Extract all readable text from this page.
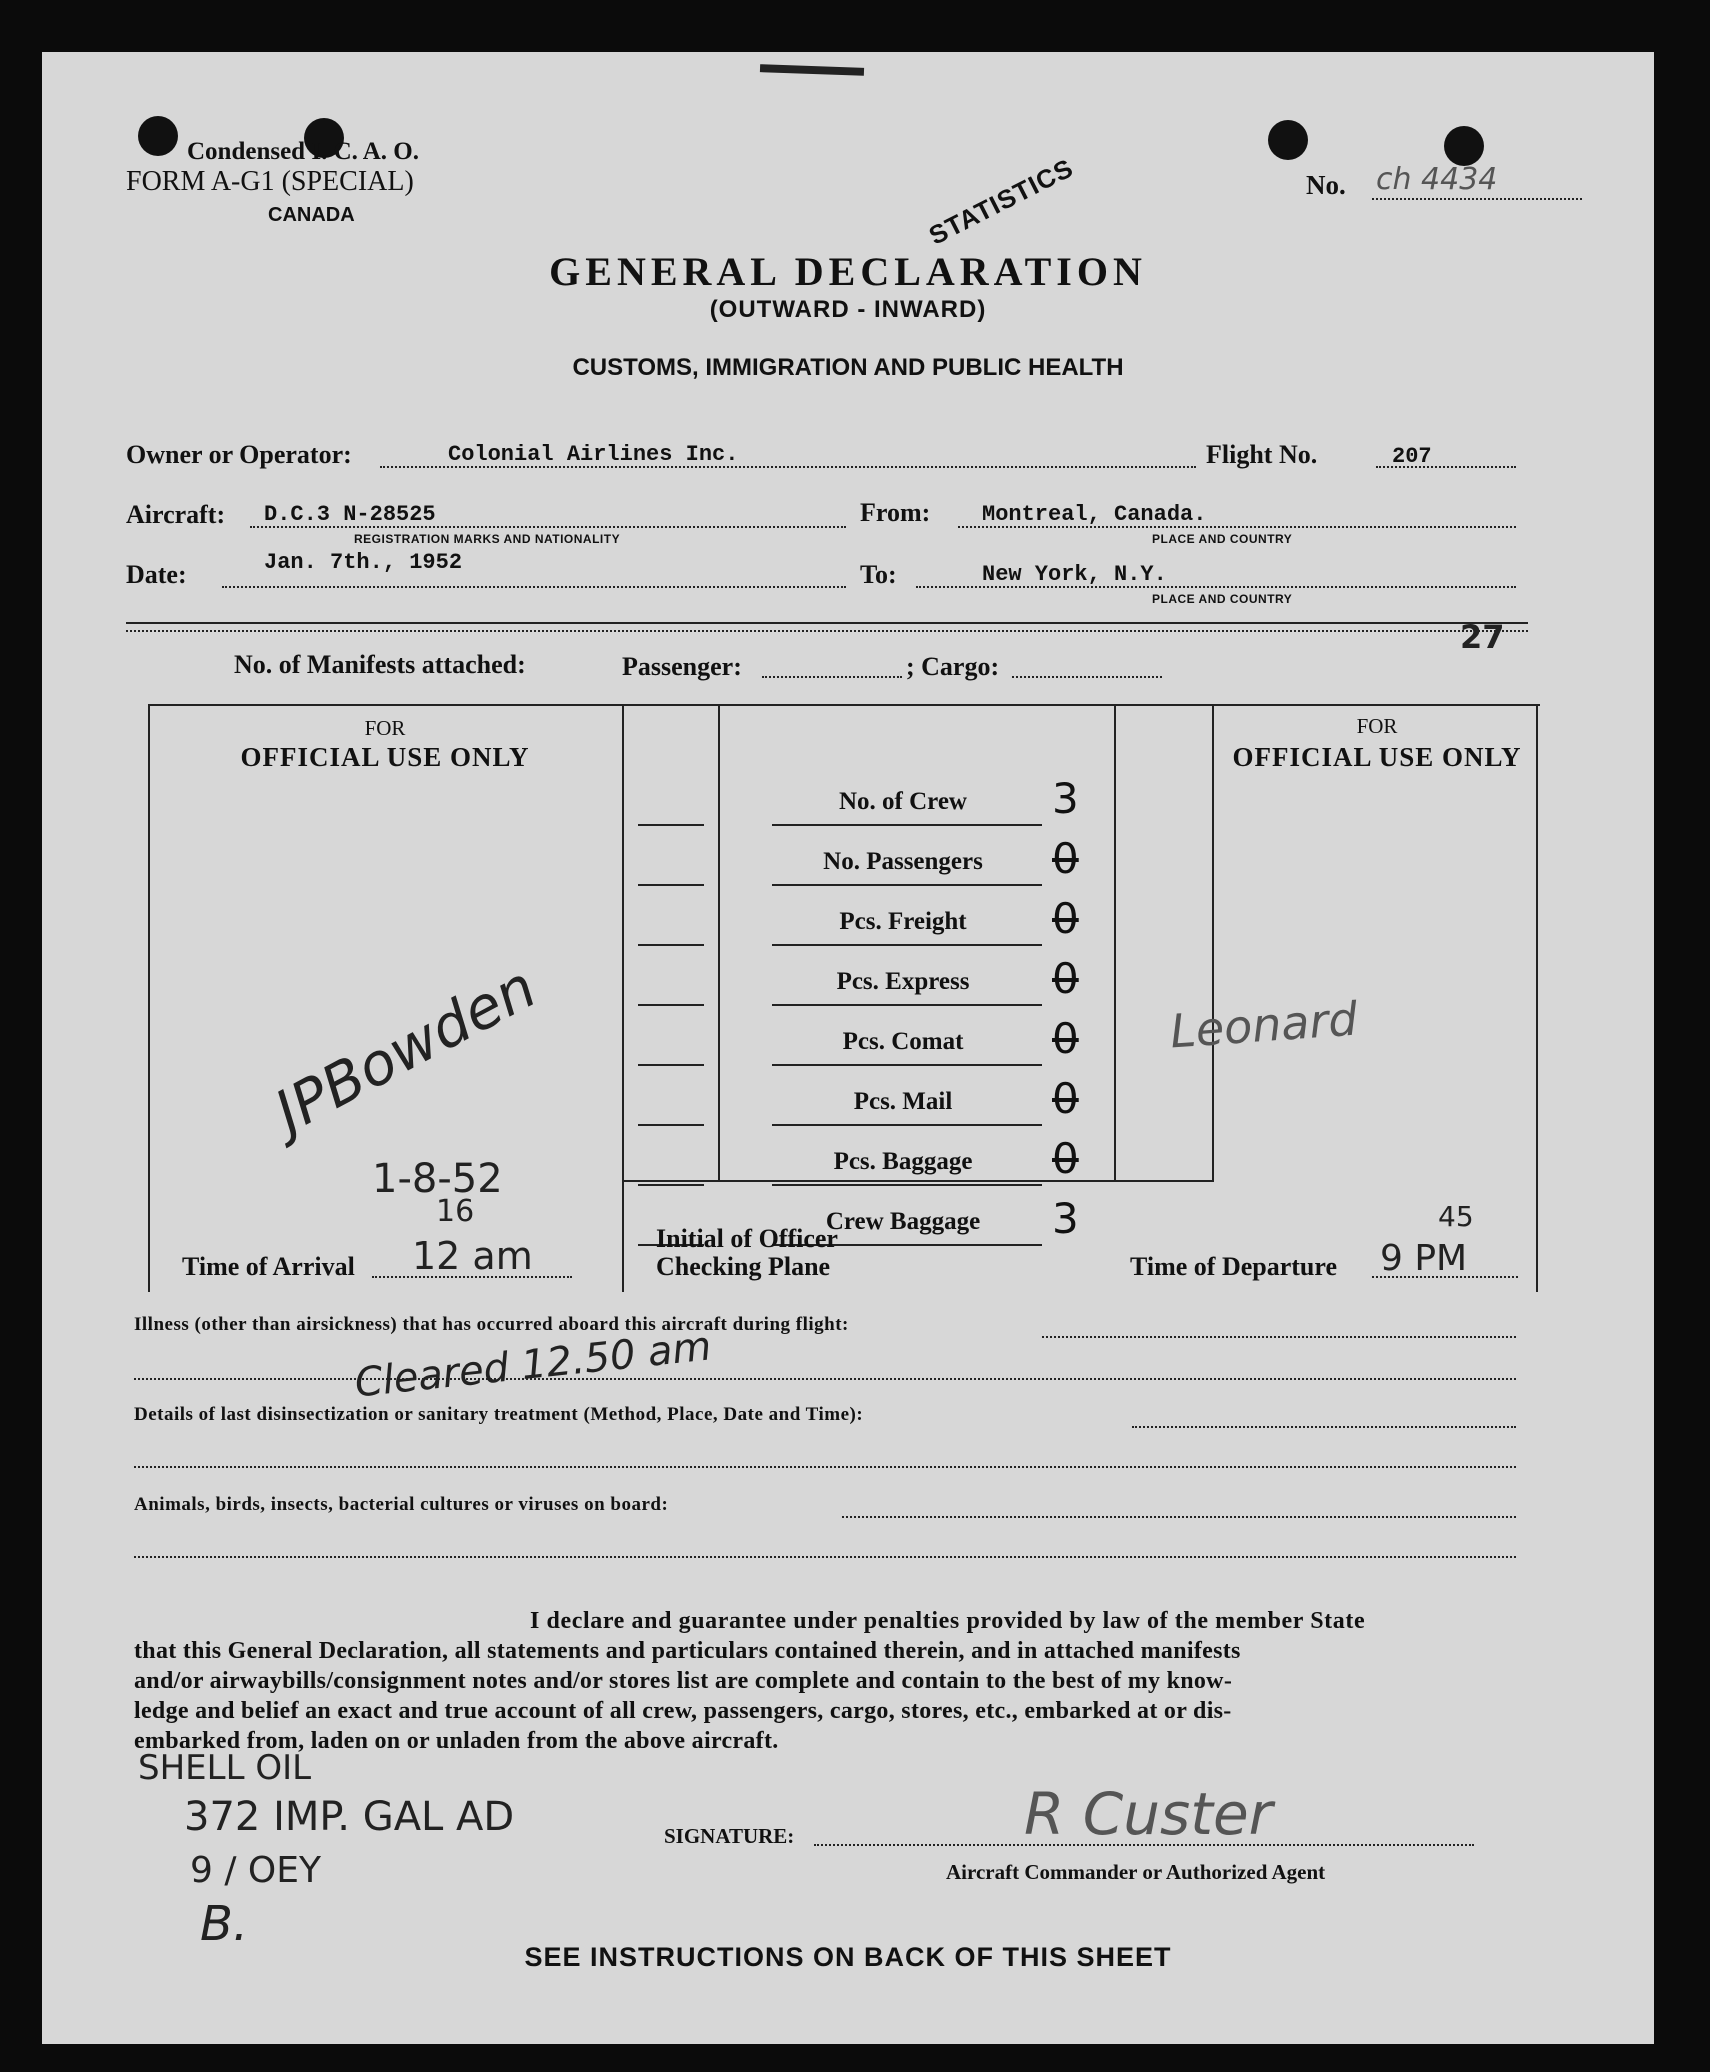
Condensed I. C. A. O.
FORM A-G1 (SPECIAL)
CANADA
No. ch 4434
STATISTICS
GENERAL DECLARATION
(OUTWARD - INWARD)
CUSTOMS, IMMIGRATION AND PUBLIC HEALTH
Owner or Operator:	Colonial Airlines Inc.	Flight No.	207
Aircraft: D.C.3 N-28525
REGISTRATION MARKS AND NATIONALITY
From: Montreal, Canada.
PLACE AND COUNTRY
Date:	Jan. 7th., 1952	To:	New York, N.Y.
PLACE AND COUNTRY
27
No. of Manifests attached:	Passenger:	; Cargo:
FOR
OFFICIAL USE ONLY
FOR
OFFICIAL USE ONLY
No. of Crew	3
No. Passengers	0
Pcs. Freight	0
Pcs. Express	0
Pcs. Comat	0
Pcs. Mail	0
Pcs. Baggage	0
Crew Baggage	3
JPBowden
1-8-52
16
Time of Arrival 12 am	Initial of Officer
Checking Plane
Leonard
Time of Departure 9 PM
45
Illness (other than airsickness) that has occurred aboard this aircraft during flight:
Cleared 12.50 am
Details of last disinsectization or sanitary treatment (Method, Place, Date and Time):
Animals, birds, insects, bacterial cultures or viruses on board:
I declare and guarantee under penalties provided by law of the member State
that this General Declaration, all statements and particulars contained therein, and in attached manifests
and/or airwaybills/consignment notes and/or stores list are complete and contain to the best of my know-
ledge and belief an exact and true account of all crew, passengers, cargo, stores, etc., embarked at or dis-
embarked from, laden on or unladen from the above aircraft.
SHELL OIL
372 IMP. GAL AD
9 / OEY
B.
SIGNATURE:	R Custer
Aircraft Commander or Authorized Agent
SEE INSTRUCTIONS ON BACK OF THIS SHEET
